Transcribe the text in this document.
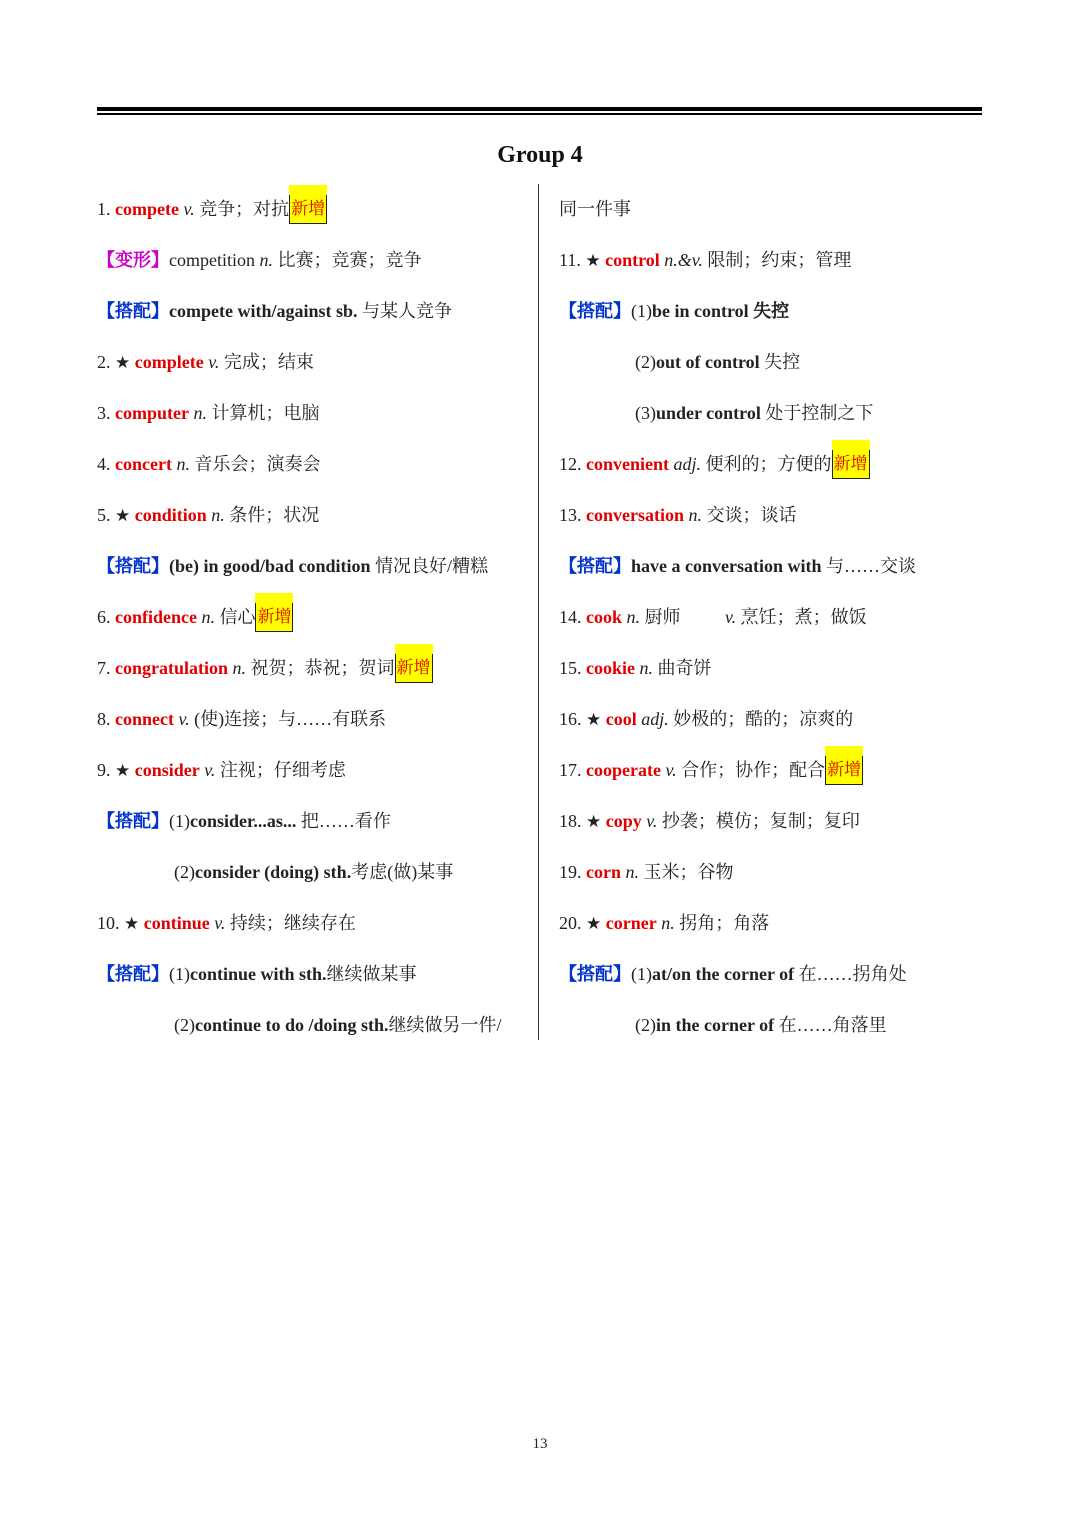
Group 4
1. compete v. 竞争；对抗 新增
【变形】competition n. 比赛；竞赛；竞争
【搭配】compete with/against sb. 与某人竞争
2. ★ complete v. 完成；结束
3. computer n. 计算机；电脑
4. concert n. 音乐会；演奏会
5. ★ condition n. 条件；状况
【搭配】(be) in good/bad condition 情况良好/糟糕
6. confidence n. 信心 新增
7. congratulation n. 祝贺；恭祝；贺词 新增
8. connect v. (使)连接；与……有联系
9. ★ consider v. 注视；仔细考虑
【搭配】(1)consider...as... 把……看作
(2)consider (doing) sth.考虑(做)某事
10. ★ continue v. 持续；继续存在
【搭配】(1)continue with sth.继续做某事
(2)continue to do /doing sth.继续做另一件/
同一件事
11. ★ control n.&v. 限制；约束；管理
【搭配】(1)be in control 失控
(2)out of control 失控
(3)under control 处于控制之下
12. convenient adj. 便利的；方便的 新增
13. conversation n. 交谈；谈话
【搭配】have a conversation with 与……交谈
14. cook n. 厨师 v. 烹饪；煮；做饭
15. cookie n. 曲奇饼
16. ★ cool adj. 妙极的；酷的；凉爽的
17. cooperate v. 合作；协作；配合 新增
18. ★ copy v. 抄袭；模仿；复制；复印
19. corn n. 玉米；谷物
20. ★ corner n. 拐角；角落
【搭配】(1)at/on the corner of 在……拐角处
(2)in the corner of 在……角落里
13
